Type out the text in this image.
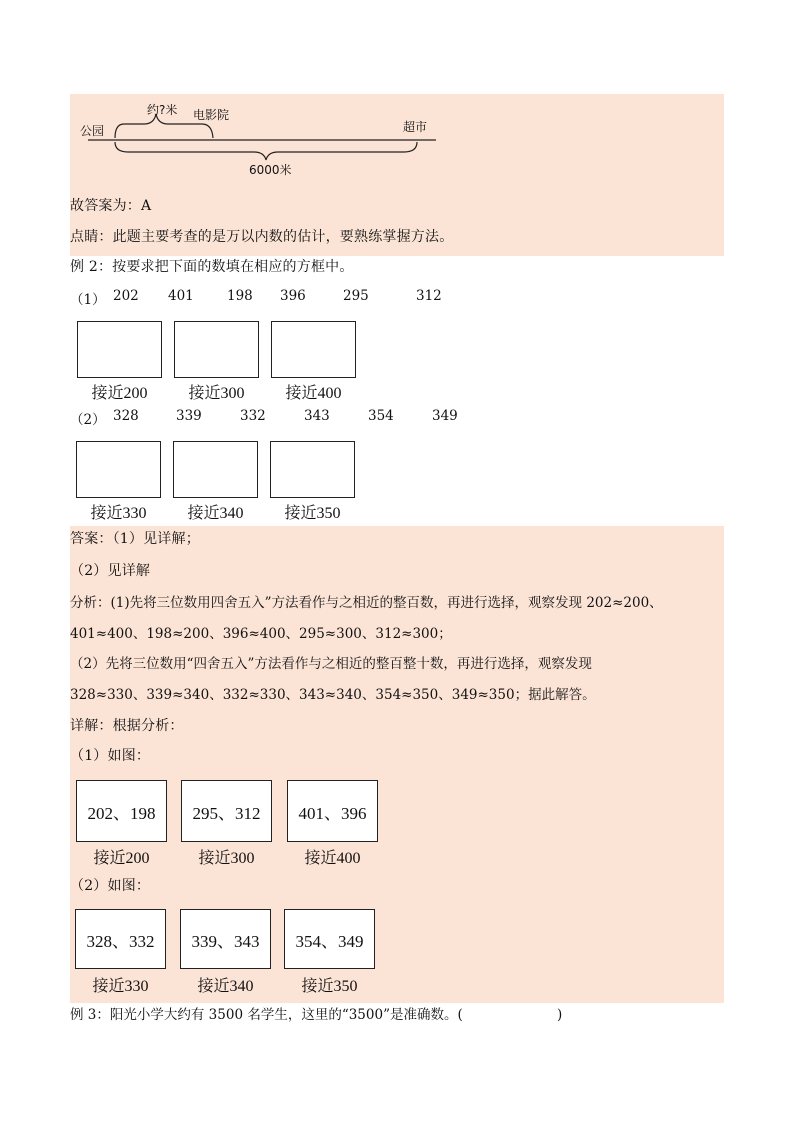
公园
约?米 电影院
超市
6000米
故答案为：A
点睛：此题主要考查的是万以内数的估计，要熟练掌握方法。
例 2：按要求把下面的数填在相应的方框中。
（1） 202 401 198 396	295	312
接近200	接近300	接近400
（2） 328	339	332	343	354	349
接近330	接近340	接近350
答案：（1）见详解；
（2）见详解
分析：(1)先将三位数用四舍五入”方法看作与之相近的整百数，再进行选择，观察发现 202≈200、
401≈400、198≈200、396≈400、295≈300、312≈300；
（2）先将三位数用“四舍五入”方法看作与之相近的整百整十数，再进行选择，观察发现
328≈330、339≈340、332≈330、343≈340、354≈350、349≈350；据此解答。
详解：根据分析：
（1）如图：
202、198	295、312	401、396
接近200	接近300	接近400
（2）如图：
328、332	339、343	354、349
接近330	接近340	接近350
例 3：阳光小学大约有 3500 名学生，这里的“3500”是准确数。(	)
